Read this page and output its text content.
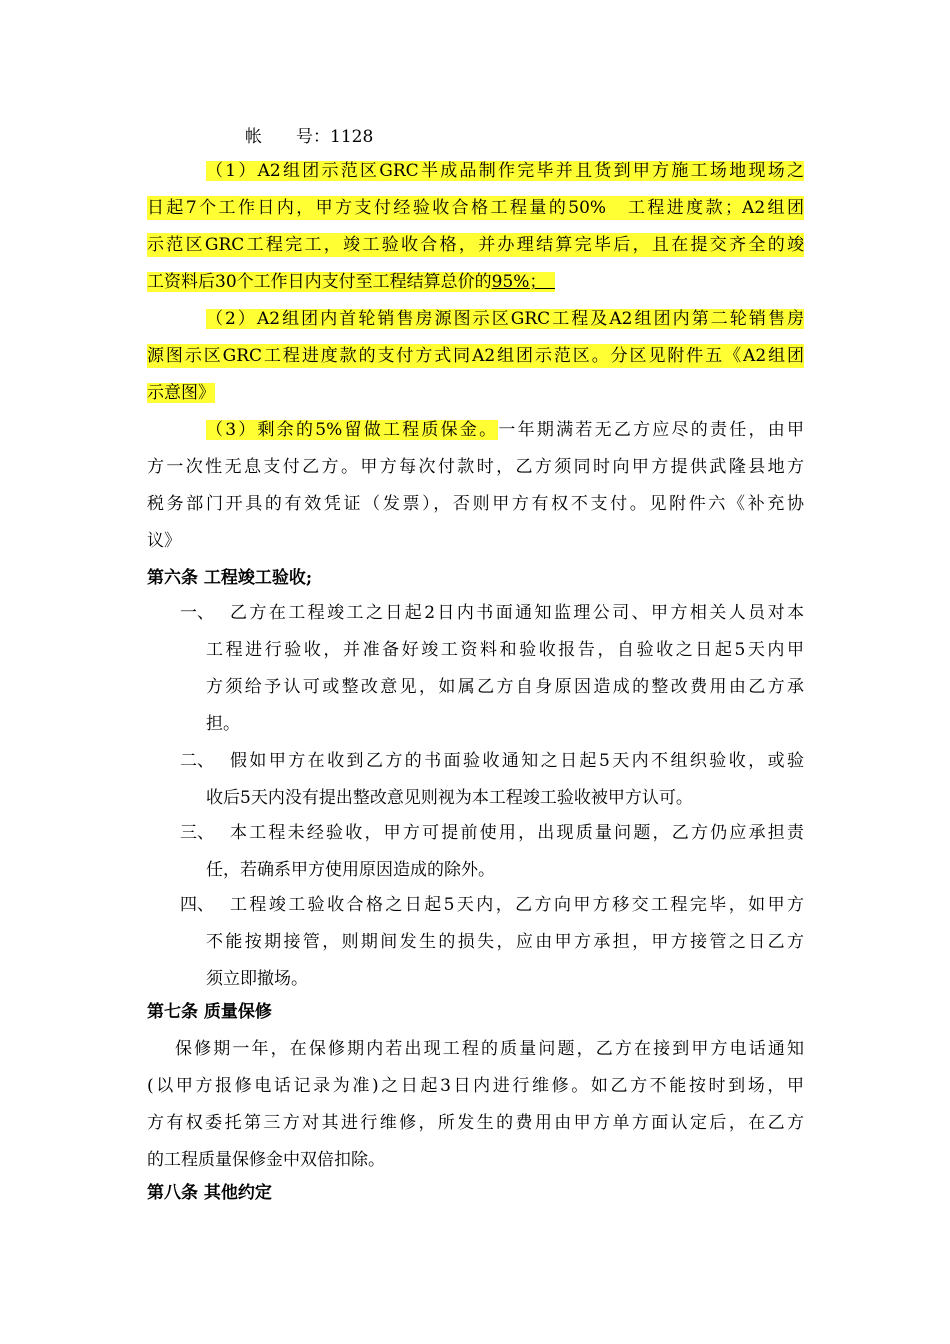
帐　　号：1128
（1）A2组团示范区GRC半成品制作完毕并且货到甲方施工场地现场之
日起7个工作日内，甲方支付经验收合格工程量的50%　工程进度款；A2组团
示范区GRC工程完工，竣工验收合格，并办理结算完毕后，且在提交齐全的竣
工资料后30个工作日内支付至工程结算总价的95%；　
（2）A2组团内首轮销售房源图示区GRC工程及A2组团内第二轮销售房
源图示区GRC工程进度款的支付方式同A2组团示范区。分区见附件五《A2组团
示意图》
（3）剩余的5%留做工程质保金。一年期满若无乙方应尽的责任，由甲
方一次性无息支付乙方。甲方每次付款时，乙方须同时向甲方提供武隆县地方
税务部门开具的有效凭证（发票），否则甲方有权不支付。见附件六《补充协
议》
第六条 工程竣工验收;
一、 乙方在工程竣工之日起2日内书面通知监理公司、甲方相关人员对本
工程进行验收，并准备好竣工资料和验收报告，自验收之日起5天内甲
方须给予认可或整改意见，如属乙方自身原因造成的整改费用由乙方承
担。
二、 假如甲方在收到乙方的书面验收通知之日起5天内不组织验收，或验
收后5天内没有提出整改意见则视为本工程竣工验收被甲方认可。
三、 本工程未经验收，甲方可提前使用，出现质量问题，乙方仍应承担责
任，若确系甲方使用原因造成的除外。
四、 工程竣工验收合格之日起5天内，乙方向甲方移交工程完毕，如甲方
不能按期接管，则期间发生的损失，应由甲方承担，甲方接管之日乙方
须立即撤场。
第七条 质量保修
保修期一年，在保修期内若出现工程的质量问题，乙方在接到甲方电话通知
(以甲方报修电话记录为准)之日起3日内进行维修。如乙方不能按时到场，甲
方有权委托第三方对其进行维修，所发生的费用由甲方单方面认定后，在乙方
的工程质量保修金中双倍扣除。
第八条 其他约定
